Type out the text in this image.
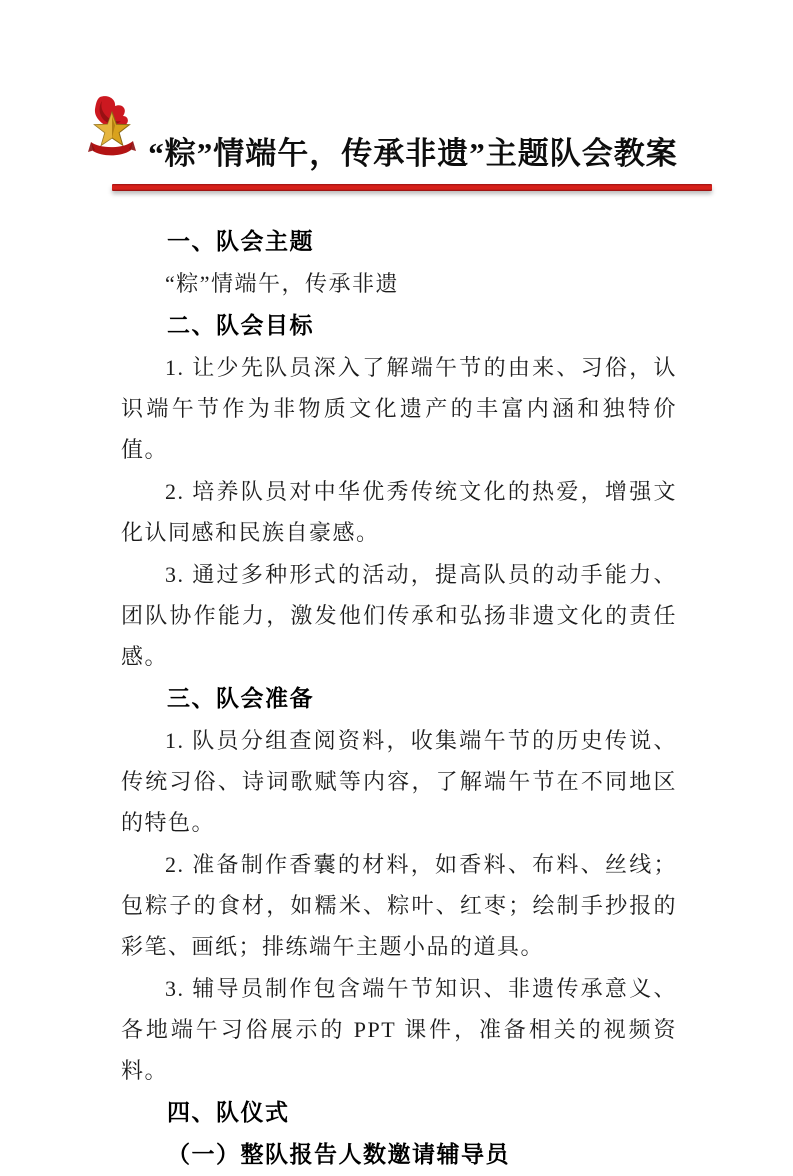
“粽”情端午，传承非遗”主题队会教案

一、队会主题

“粽”情端午，传承非遗

二、队会目标

1. 让少先队员深入了解端午节的由来、习俗，认识端午节作为非物质文化遗产的丰富内涵和独特价值。

2. 培养队员对中华优秀传统文化的热爱，增强文化认同感和民族自豪感。

3. 通过多种形式的活动，提高队员的动手能力、团队协作能力，激发他们传承和弘扬非遗文化的责任感。

三、队会准备

1. 队员分组查阅资料，收集端午节的历史传说、传统习俗、诗词歌赋等内容，了解端午节在不同地区的特色。

2. 准备制作香囊的材料，如香料、布料、丝线；包粽子的食材，如糯米、粽叶、红枣；绘制手抄报的彩笔、画纸；排练端午主题小品的道具。

3. 辅导员制作包含端午节知识、非遗传承意义、各地端午习俗展示的 PPT 课件，准备相关的视频资料。

四、队仪式

（一）整队报告人数邀请辅导员
